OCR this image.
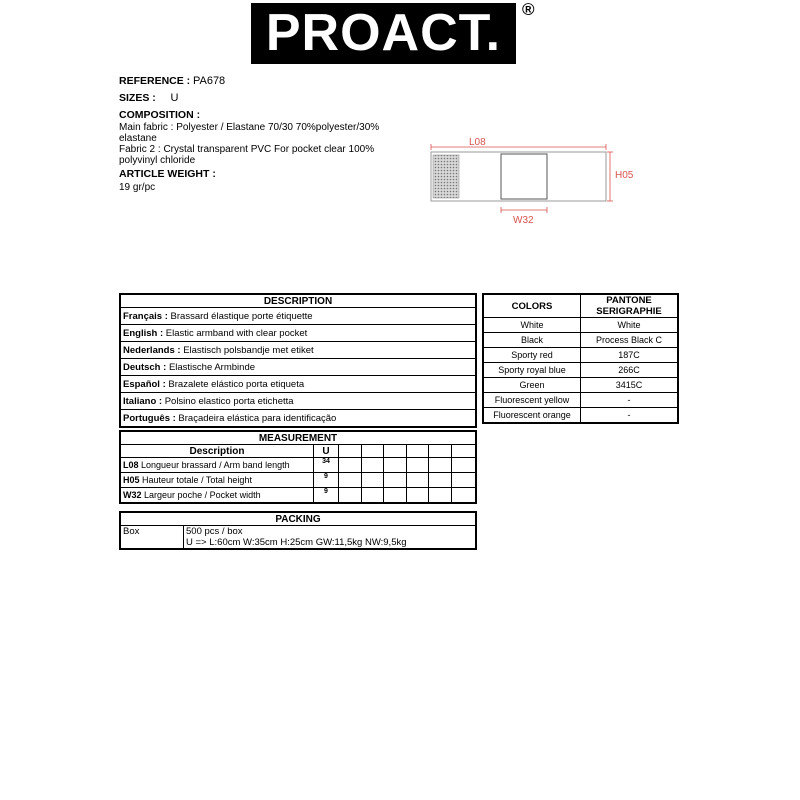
PROACT.	®
REFERENCE : PA678
SIZES : U
COMPOSITION :
Main fabric : Polyester / Elastane 70/30 70%polyester/30%
elastane
Fabric 2 : Crystal transparent PVC For pocket clear 100%
polyvinyl chloride
ARTICLE WEIGHT :
19 gr/pc
L08
H05
W32
DESCRIPTION
Français : Brassard élastique porte étiquette
English : Elastic armband with clear pocket
Nederlands : Elastisch polsbandje met etiket
Deutsch : Elastische Armbinde
Español : Brazalete elástico porta etiqueta
Italiano : Polsino elastico porta etichetta
Português : Braçadeira elástica para identificação
COLORS	PANTONE SERIGRAPHIE
White	White
Black	Process Black C
Sporty red	187C
Sporty royal blue	266C
Green	3415C
Fluorescent yellow	-
Fluorescent orange	-
MEASUREMENT							
Description	U						
L08 Longueur brassard / Arm band length	34						
H05 Hauteur totale / Total height	9						
W32 Largeur poche / Pocket width	9						
PACKING
Box	500 pcs / box
U => L:60cm W:35cm H:25cm GW:11,5kg NW:9,5kg
